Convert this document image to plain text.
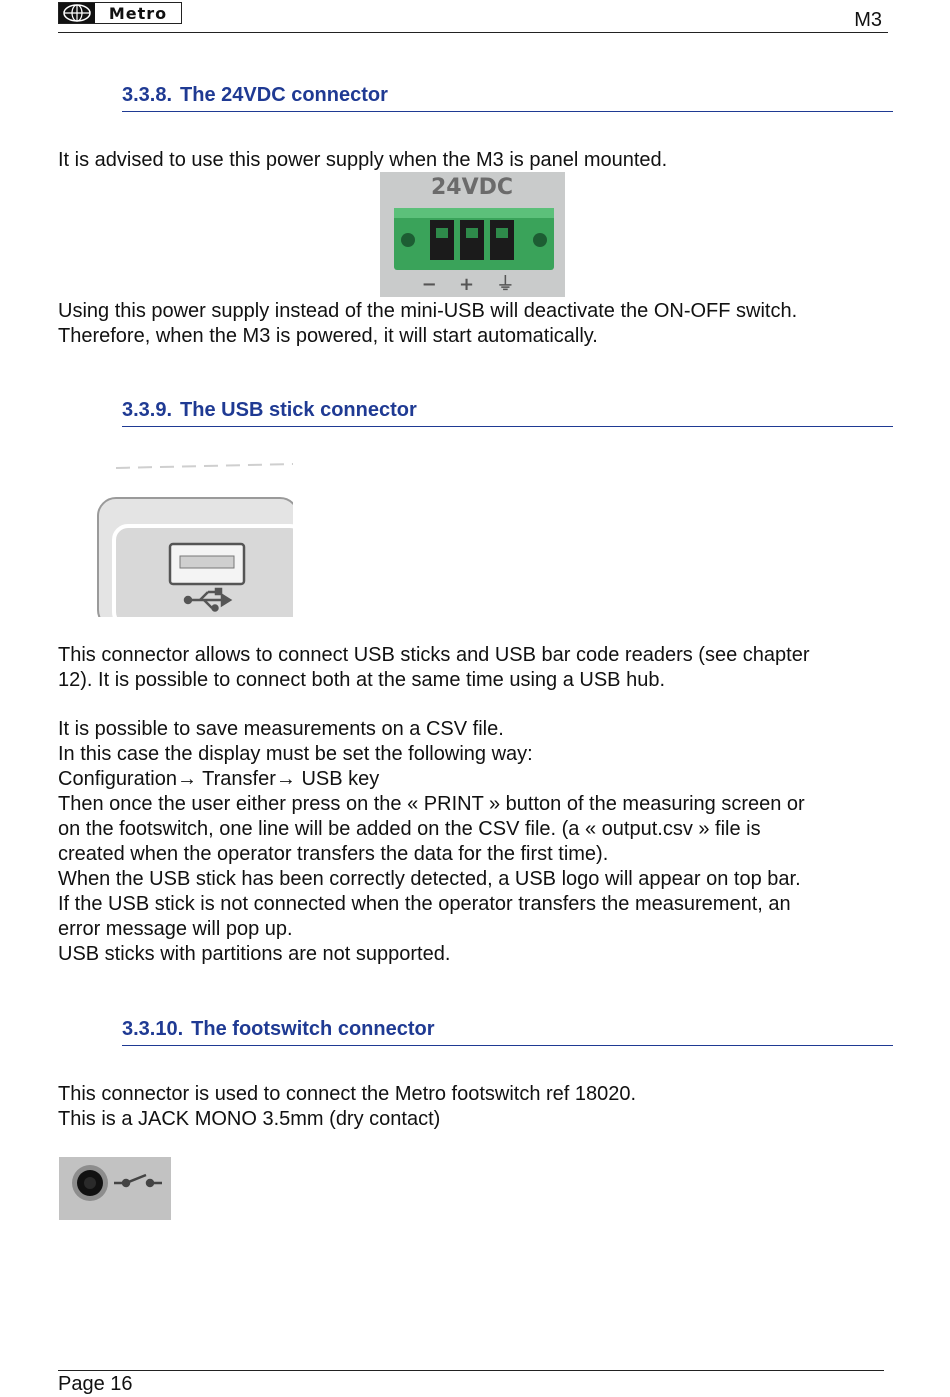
Metro	M3
3.3.8. The 24VDC connector
It is advised to use this power supply when the M3 is panel mounted.
24VDC
− + ⏚

Using this power supply instead of the mini-USB will deactivate the ON-OFF switch.

Therefore, when the M3 is powered, it will start automatically.

3.3.9. The USB stick connector

This connector allows to connect USB sticks and USB bar code readers (see chapter

12). It is possible to connect both at the same time using a USB hub.

It is possible to save measurements on a CSV file.

In this case the display must be set the following way:

Configuration→ Transfer→ USB key

Then once the user either press on the « PRINT » button of the measuring screen or

on the footswitch, one line will be added on the CSV file. (a « output.csv » file is

created when the operator transfers the data for the first time).

When the USB stick has been correctly detected, a USB logo will appear on top bar.

If the USB stick is not connected when the operator transfers the measurement, an

error message will pop up.

USB sticks with partitions are not supported.

3.3.10. The footswitch connector

This connector is used to connect the Metro footswitch ref 18020.

This is a JACK MONO 3.5mm (dry contact)

Page 16
